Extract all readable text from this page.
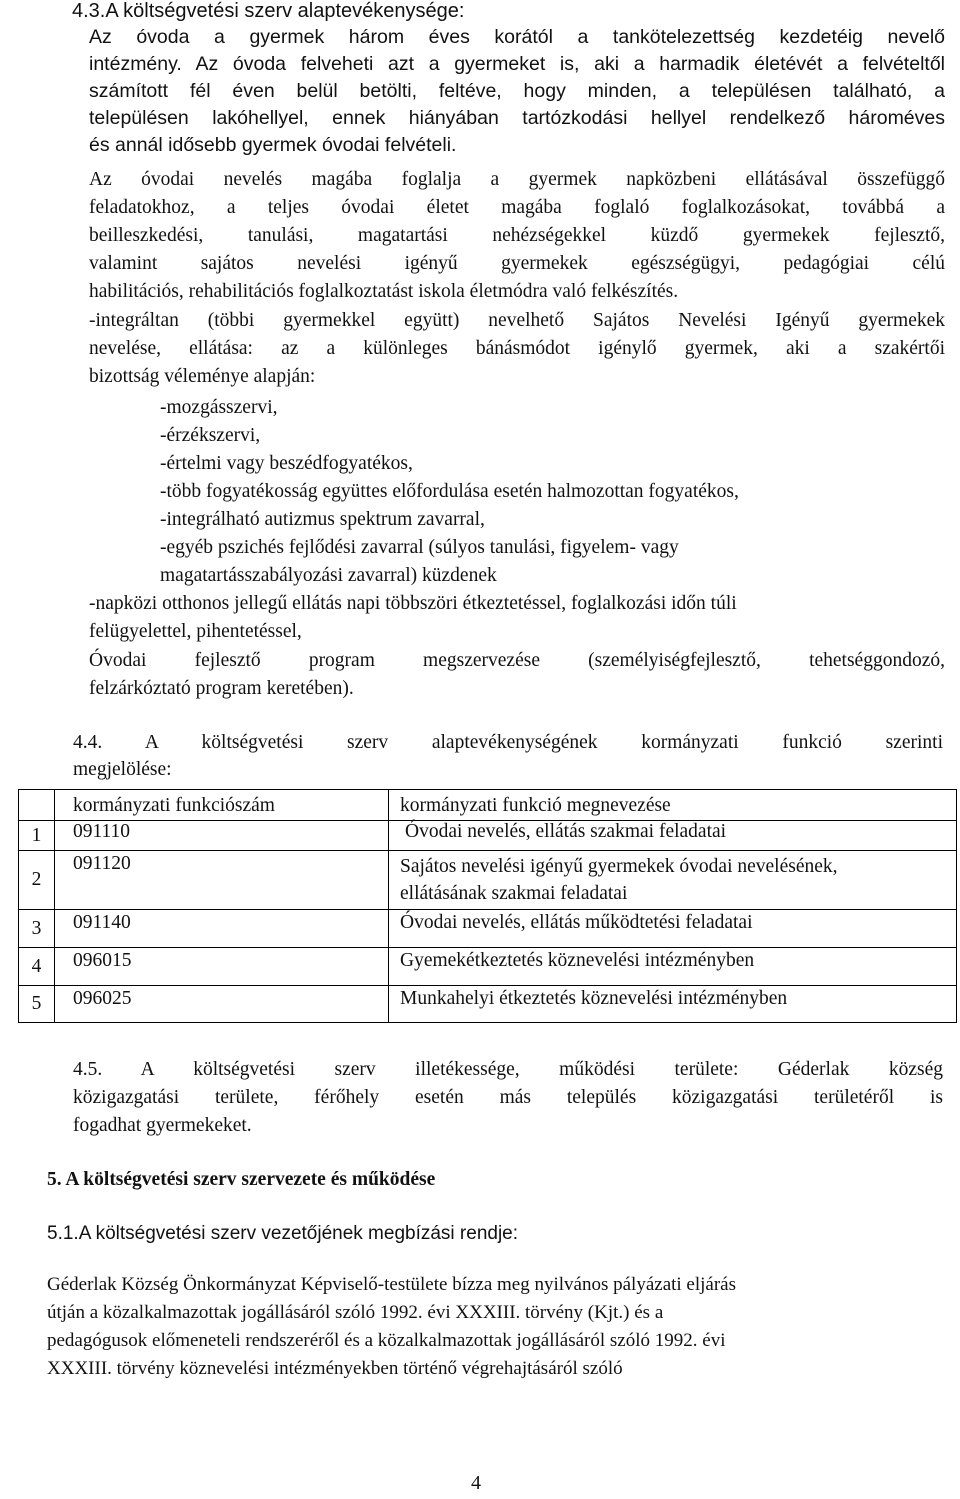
4.3.A költségvetési szerv alaptevékenysége:
Az óvoda a gyermek három éves korától a tankötelezettség kezdetéig nevelő
intézmény. Az óvoda felveheti azt a gyermeket is, aki a harmadik életévét a felvételtől
számított fél éven belül betölti, feltéve, hogy minden, a településen található, a
településen lakóhellyel, ennek hiányában tartózkodási hellyel rendelkező hároméves
és annál idősebb gyermek óvodai felvételi.
Az óvodai nevelés magába foglalja a gyermek napközbeni ellátásával összefüggő
feladatokhoz, a teljes óvodai életet magába foglaló foglalkozásokat, továbbá a
beilleszkedési, tanulási, magatartási nehézségekkel küzdő gyermekek fejlesztő,
valamint sajátos nevelési igényű gyermekek egészségügyi, pedagógiai célú
habilitációs, rehabilitációs foglalkoztatást iskola életmódra való felkészítés.
-integráltan (többi gyermekkel együtt) nevelhető Sajátos Nevelési Igényű gyermekek
nevelése, ellátása: az a különleges bánásmódot igénylő gyermek, aki a szakértői
bizottság véleménye alapján:
-mozgásszervi,
-érzékszervi,
-értelmi vagy beszédfogyatékos,
-több fogyatékosság együttes előfordulása esetén halmozottan fogyatékos,
-integrálható autizmus spektrum zavarral,
-egyéb pszichés fejlődési zavarral (súlyos tanulási, figyelem- vagy
magatartásszabályozási zavarral) küzdenek
-napközi otthonos jellegű ellátás napi többszöri étkeztetéssel, foglalkozási időn túli
felügyelettel, pihentetéssel,
Óvodai fejlesztő program megszervezése (személyiségfejlesztő, tehetséggondozó,
felzárkóztató program keretében).
4.4. A költségvetési szerv alaptevékenységének kormányzati funkció szerinti
megjelölése:
	kormányzati funkciószám	kormányzati funkció megnevezése
1	091110	Óvodai nevelés, ellátás szakmai feladatai
2	091120	Sajátos nevelési igényű gyermekek óvodai nevelésének,
ellátásának szakmai feladatai

3	091140	Óvodai nevelés, ellátás működtetési feladatai
4	096015	Gyemekétkeztetés köznevelési intézményben
5	096025	Munkahelyi étkeztetés köznevelési intézményben
4.5. A költségvetési szerv illetékessége, működési területe: Géderlak község
közigazgatási területe, férőhely esetén más település közigazgatási területéről is
fogadhat gyermekeket.
5. A költségvetési szerv szervezete és működése
5.1.A költségvetési szerv vezetőjének megbízási rendje:
Géderlak Község Önkormányzat Képviselő-testülete bízza meg nyilvános pályázati eljárás
útján a közalkalmazottak jogállásáról szóló 1992. évi XXXIII. törvény (Kjt.) és a
pedagógusok előmeneteli rendszeréről és a közalkalmazottak jogállásáról szóló 1992. évi
XXXIII. törvény köznevelési intézményekben történő végrehajtásáról szóló
4
